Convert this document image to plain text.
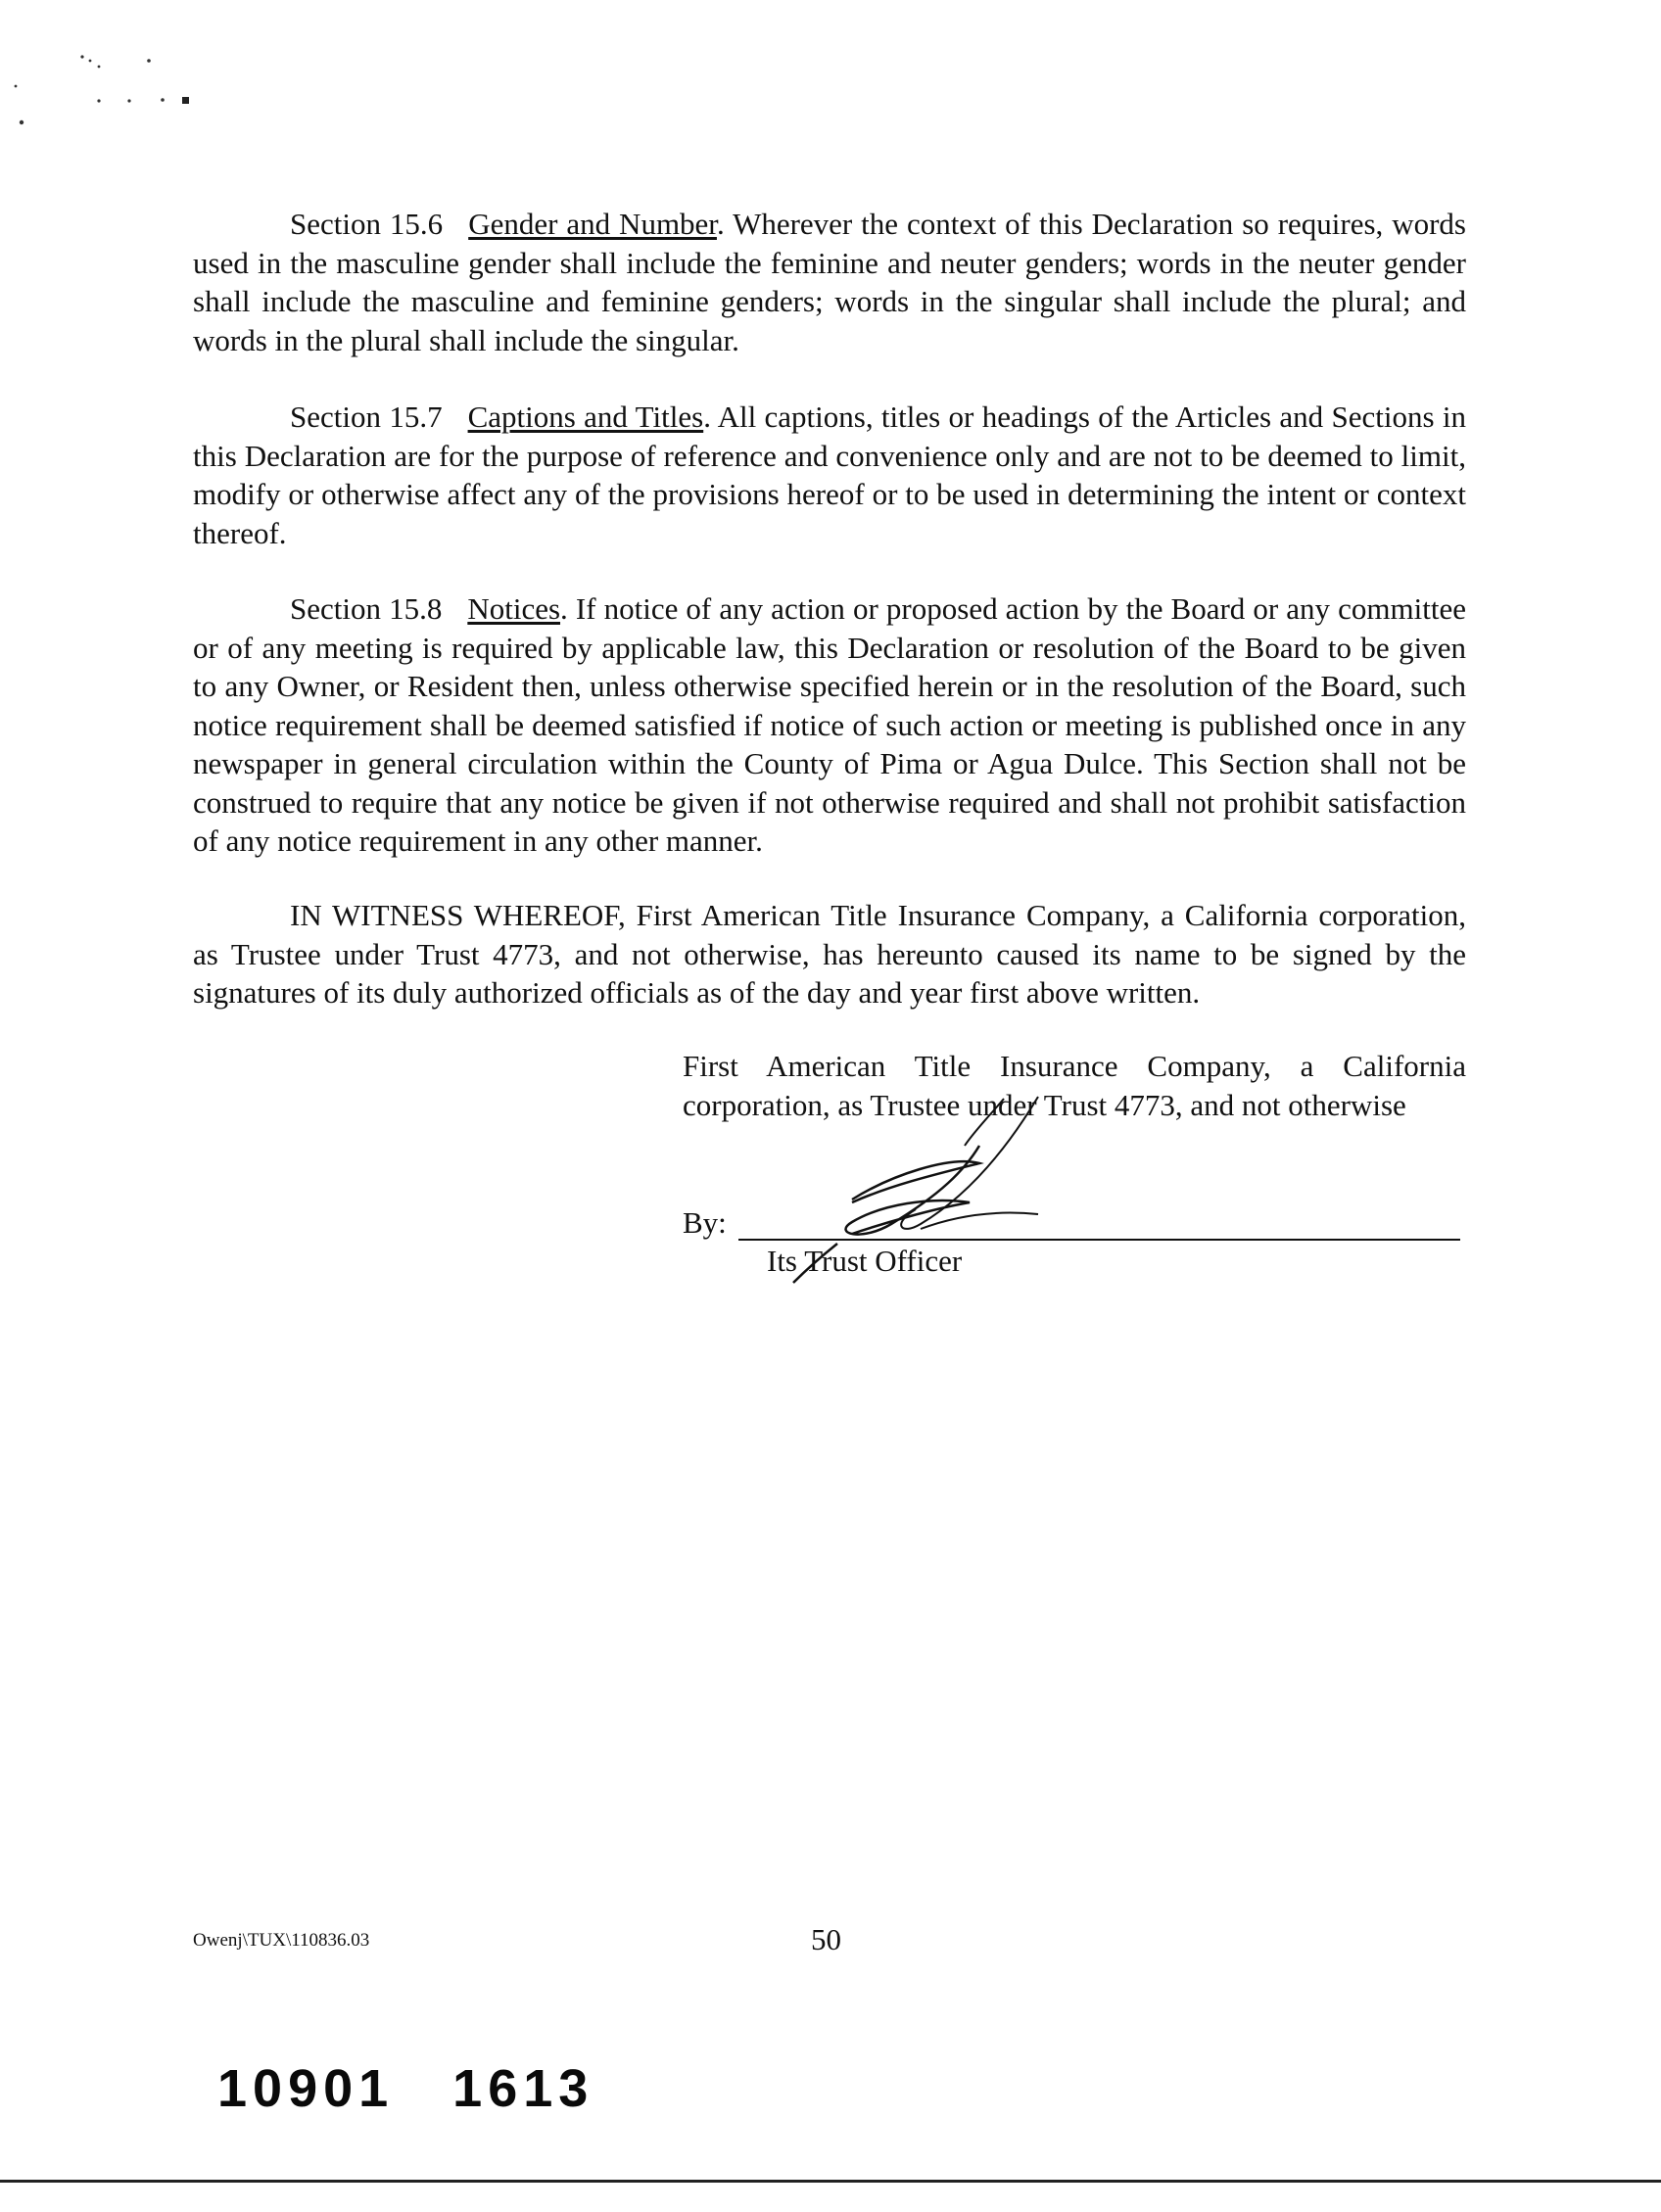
Section 15.6 Gender and Number. Wherever the context of this Declaration so requires, words used in the masculine gender shall include the feminine and neuter genders; words in the neuter gender shall include the masculine and feminine genders; words in the singular shall include the plural; and words in the plural shall include the singular.

Section 15.7 Captions and Titles. All captions, titles or headings of the Articles and Sections in this Declaration are for the purpose of reference and convenience only and are not to be deemed to limit, modify or otherwise affect any of the provisions hereof or to be used in determining the intent or context thereof.

Section 15.8 Notices. If notice of any action or proposed action by the Board or any committee or of any meeting is required by applicable law, this Declaration or resolution of the Board to be given to any Owner, or Resident then, unless otherwise specified herein or in the resolution of the Board, such notice requirement shall be deemed satisfied if notice of such action or meeting is published once in any newspaper in general circulation within the County of Pima or Agua Dulce. This Section shall not be construed to require that any notice be given if not otherwise required and shall not prohibit satisfaction of any notice requirement in any other manner.

IN WITNESS WHEREOF, First American Title Insurance Company, a California corporation, as Trustee under Trust 4773, and not otherwise, has hereunto caused its name to be signed by the signatures of its duly authorized officials as of the day and year first above written.

First American Title Insurance Company, a California corporation, as Trustee under Trust 4773, and not otherwise

By:
Its Trust Officer
Owenj\TUX\110836.03	50
10901 1613
